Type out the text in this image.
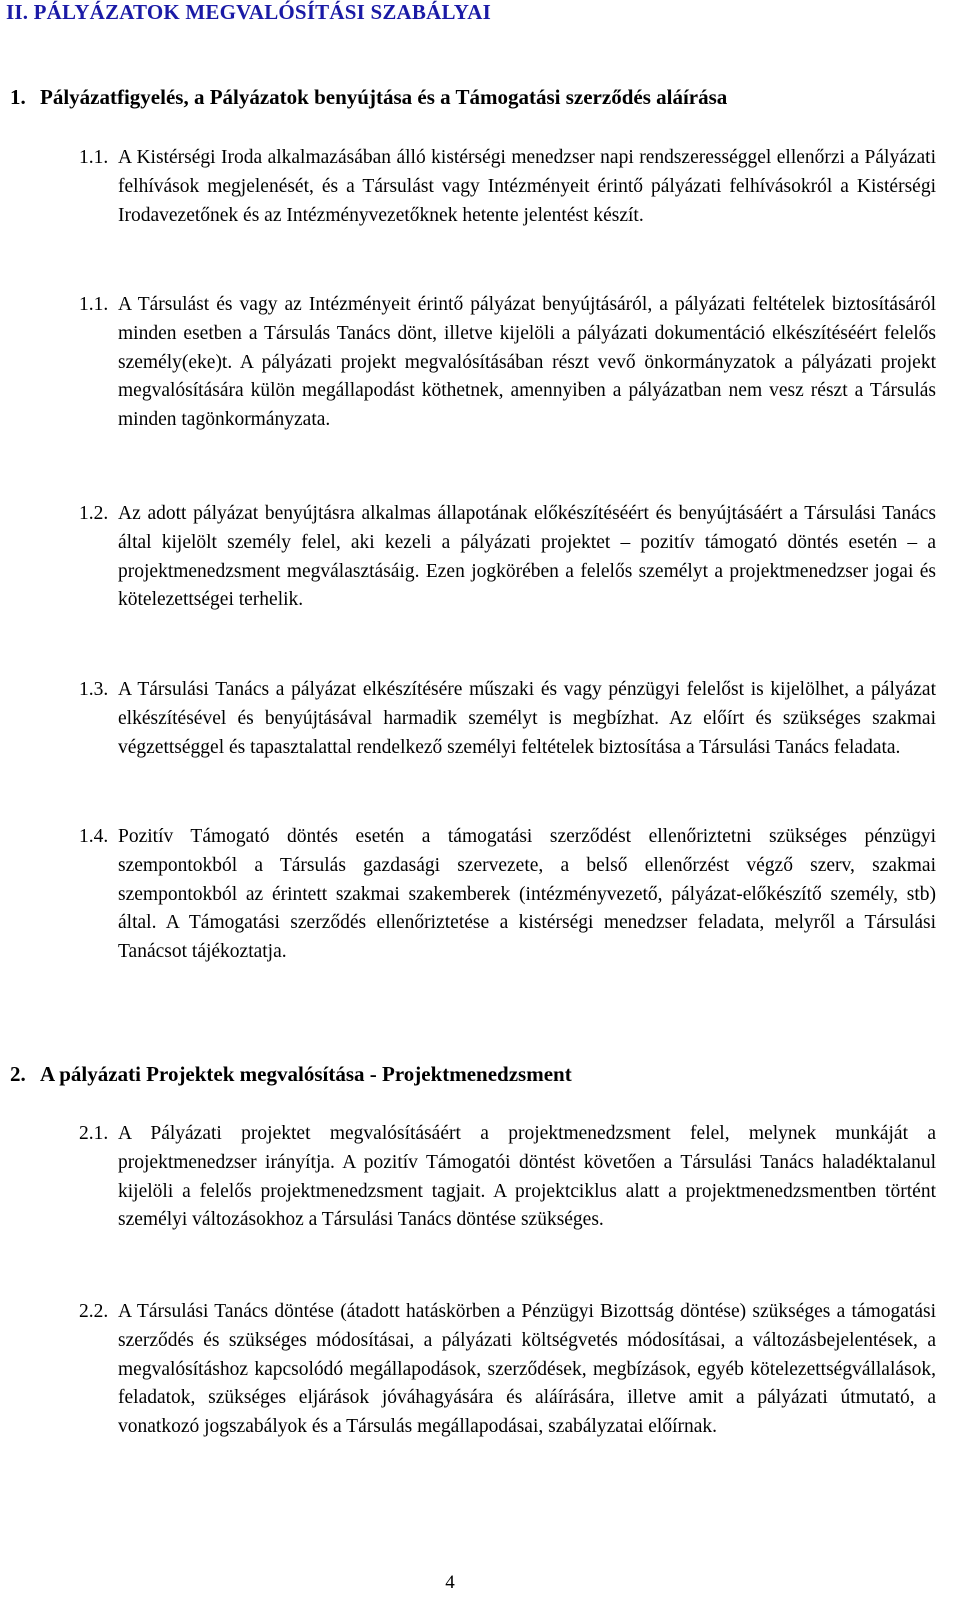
II. PÁLYÁZATOK MEGVALÓSÍTÁSI SZABÁLYAI
1. Pályázatfigyelés, a Pályázatok benyújtása és a Támogatási szerződés aláírása
1.1. A Kistérségi Iroda alkalmazásában álló kistérségi menedzser napi rendszerességgel ellenőrzi a Pályázati felhívások megjelenését, és a Társulást vagy Intézményeit érintő pályázati felhívásokról a Kistérségi Irodavezetőnek és az Intézményvezetőknek hetente jelentést készít.
1.1. A Társulást és vagy az Intézményeit érintő pályázat benyújtásáról, a pályázati feltételek biztosításáról minden esetben a Társulás Tanács dönt, illetve kijelöli a pályázati dokumentáció elkészítéséért felelős személy(eke)t. A pályázati projekt megvalósításában részt vevő önkormányzatok a pályázati projekt megvalósítására külön megállapodást köthetnek, amennyiben a pályázatban nem vesz részt a Társulás minden tagönkormányzata.
1.2. Az adott pályázat benyújtásra alkalmas állapotának előkészítéséért és benyújtásáért a Társulási Tanács által kijelölt személy felel, aki kezeli a pályázati projektet – pozitív támogató döntés esetén – a projektmenedzsment megválasztásáig. Ezen jogkörében a felelős személyt a projektmenedzser jogai és kötelezettségei terhelik.
1.3. A Társulási Tanács a pályázat elkészítésére műszaki és vagy pénzügyi felelőst is kijelölhet, a pályázat elkészítésével és benyújtásával harmadik személyt is megbízhat. Az előírt és szükséges szakmai végzettséggel és tapasztalattal rendelkező személyi feltételek biztosítása a Társulási Tanács feladata.
1.4. Pozitív Támogató döntés esetén a támogatási szerződést ellenőriztetni szükséges pénzügyi szempontokból a Társulás gazdasági szervezete, a belső ellenőrzést végző szerv, szakmai szempontokból az érintett szakmai szakemberek (intézményvezető, pályázat-előkészítő személy, stb) által. A Támogatási szerződés ellenőriztetése a kistérségi menedzser feladata, melyről a Társulási Tanácsot tájékoztatja.
2. A pályázati Projektek megvalósítása - Projektmenedzsment
2.1. A Pályázati projektet megvalósításáért a projektmenedzsment felel, melynek munkáját a projektmenedzser irányítja. A pozitív Támogatói döntést követően a Társulási Tanács haladéktalanul kijelöli a felelős projektmenedzsment tagjait. A projektciklus alatt a projektmenedzsmentben történt személyi változásokhoz a Társulási Tanács döntése szükséges.
2.2. A Társulási Tanács döntése (átadott hatáskörben a Pénzügyi Bizottság döntése) szükséges a támogatási szerződés és szükséges módosításai, a pályázati költségvetés módosításai, a változásbejelentések, a megvalósításhoz kapcsolódó megállapodások, szerződések, megbízások, egyéb kötelezettségvállalások, feladatok, szükséges eljárások jóváhagyására és aláírására, illetve amit a pályázati útmutató, a vonatkozó jogszabályok és a Társulás megállapodásai, szabályzatai előírnak.
4
